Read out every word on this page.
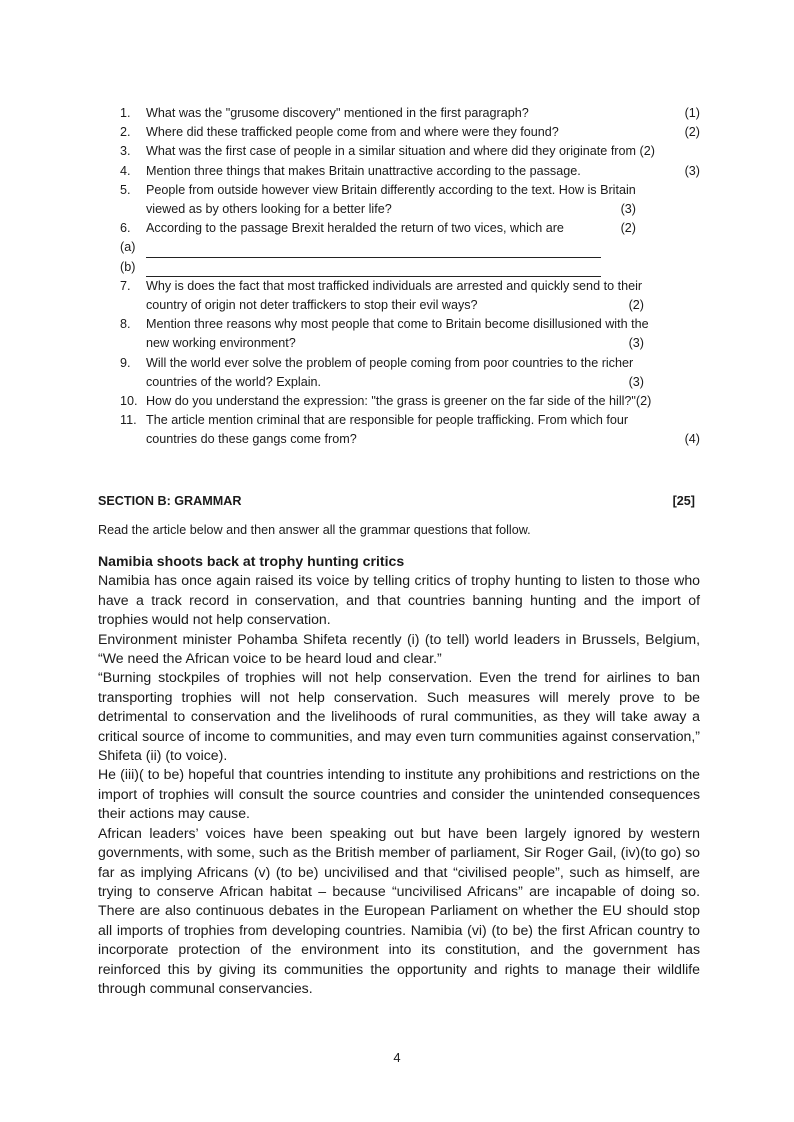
1.	What was the "grusome discovery" mentioned in the first paragraph?	(1)
2.	Where did these trafficked people come from and where were they found?	(2)
3.	What was the first case of people in a similar situation and where did they originate from (2)
4.	Mention three things that makes Britain unattractive according to the passage.	(3)
5.	People from outside however view Britain differently according to the text. How is Britain
viewed as by others looking for a better life?	(3)
6.	According to the passage Brexit heralded the return of two vices, which are	(2)
(a)
(b)
7.	Why is does the fact that most trafficked individuals are arrested and quickly send to their
country of origin not deter traffickers to stop their evil ways?	(2)
8.	Mention three reasons why most people that come to Britain become disillusioned with the
new working environment?	(3)
9.	Will the world ever solve the problem of people coming from poor countries to the richer
countries of the world? Explain.	(3)
10. How do you understand the expression: "the grass is greener on the far side of the hill?"(2)
11. The article mention criminal that are responsible for people trafficking. From which four
countries do these gangs come from?	(4)
SECTION B: GRAMMAR	[25]
Read the article below and then answer all the grammar questions that follow.
Namibia shoots back at trophy hunting critics

Namibia has once again raised its voice by telling critics of trophy hunting to listen to those who have a track record in conservation, and that countries banning hunting and the import of trophies would not help conservation.

Environment minister Pohamba Shifeta recently (i) (to tell) world leaders in Brussels, Belgium, “We need the African voice to be heard loud and clear.”

“Burning stockpiles of trophies will not help conservation. Even the trend for airlines to ban transporting trophies will not help conservation. Such measures will merely prove to be detrimental to conservation and the livelihoods of rural communities, as they will take away a critical source of income to communities, and may even turn communities against conservation,” Shifeta (ii) (to voice).

He (iii)( to be) hopeful that countries intending to institute any prohibitions and restrictions on the import of trophies will consult the source countries and consider the unintended consequences their actions may cause.

African leaders’ voices have been speaking out but have been largely ignored by western governments, with some, such as the British member of parliament, Sir Roger Gail, (iv)(to go) so far as implying Africans (v) (to be) uncivilised and that “civilised people”, such as himself, are trying to conserve African habitat – because “uncivilised Africans” are incapable of doing so. There are also continuous debates in the European Parliament on whether the EU should stop all imports of trophies from developing countries. Namibia (vi) (to be) the first African country to incorporate protection of the environment into its constitution, and the government has reinforced this by giving its communities the opportunity and rights to manage their wildlife through communal conservancies.

4
